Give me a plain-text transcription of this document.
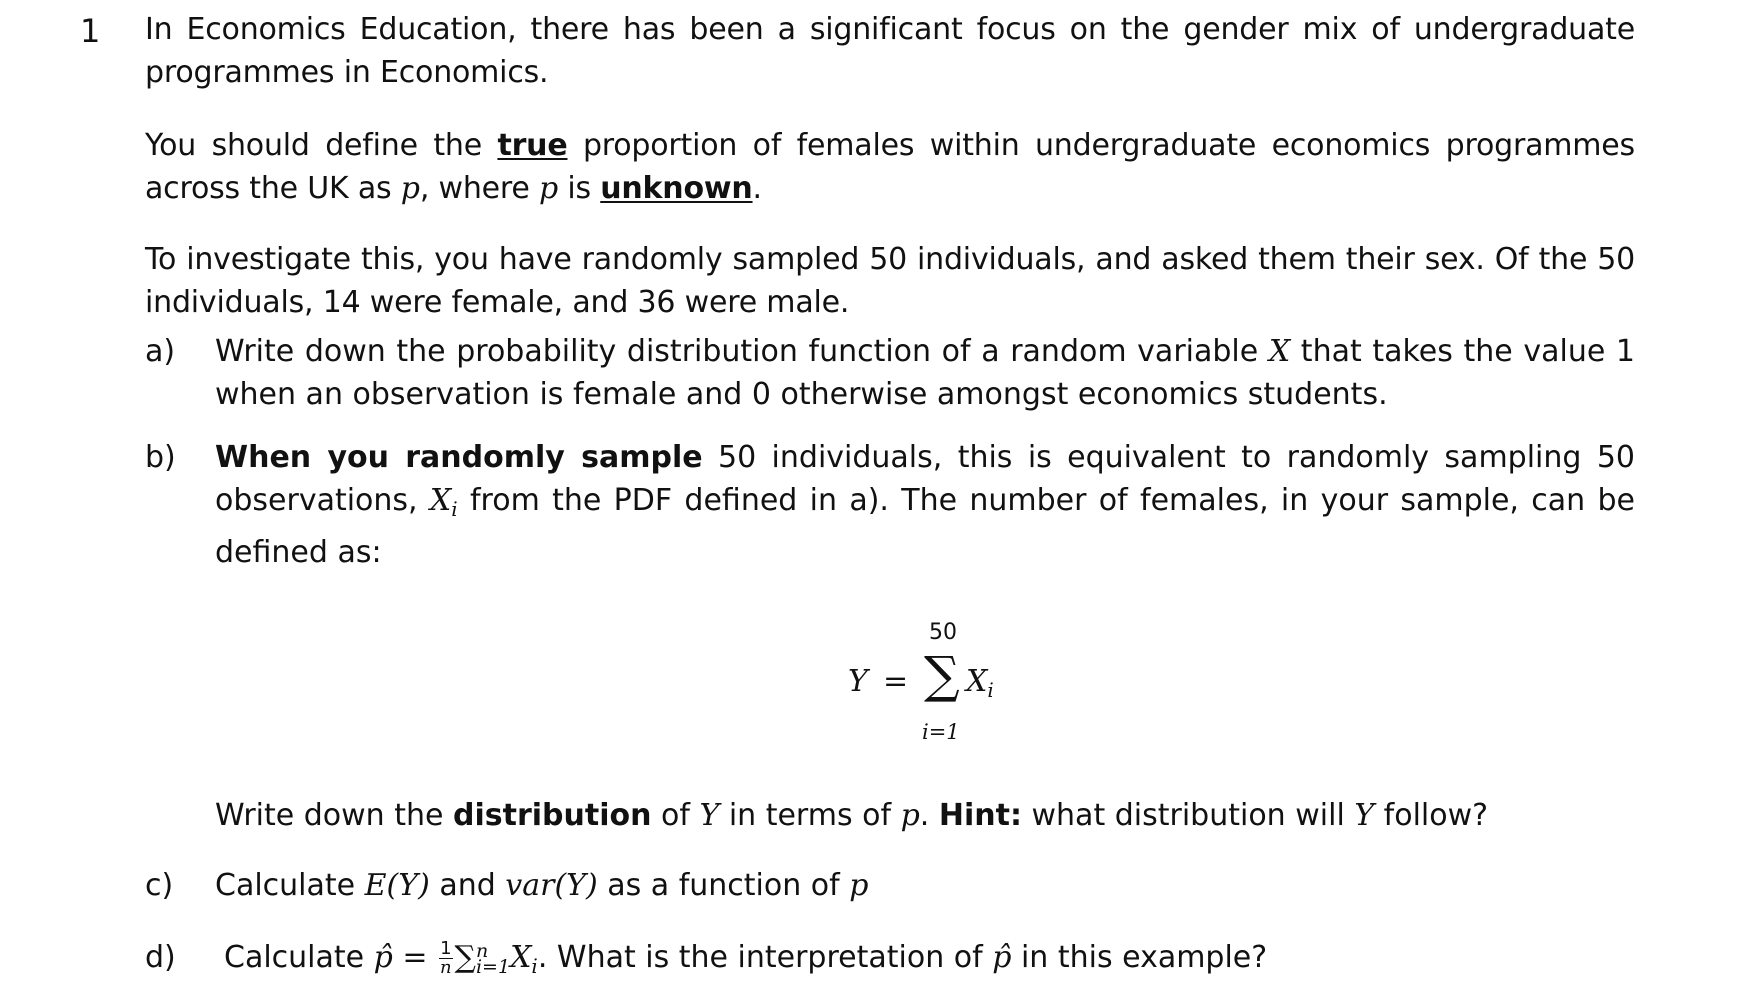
1 In Economics Education, there has been a significant focus on the gender mix of undergraduate programmes in Economics.
You should define the true proportion of females within undergraduate economics programmes across the UK as p, where p is unknown.
To investigate this, you have randomly sampled 50 individuals, and asked them their sex. Of the 50 individuals, 14 were female, and 36 were male.
a)	Write down the probability distribution function of a random variable X that takes the value 1 when an observation is female and 0 otherwise amongst economics students.
b)	When you randomly sample 50 individuals, this is equivalent to randomly sampling 50 observations, $X_i$ from the PDF defined in a). The number of females, in your sample, can be defined as:
Y =
50
∑
i=1
$X_i$
Write down the distribution of Y in terms of p. Hint: what distribution will Y follow?
c)	Calculate E(Y) and var(Y) as a function of p
d)	Calculate p̂ = $\frac{1}{n}$ ∑ n
i=1 $X_i$. What is the interpretation of p̂ in this example?
